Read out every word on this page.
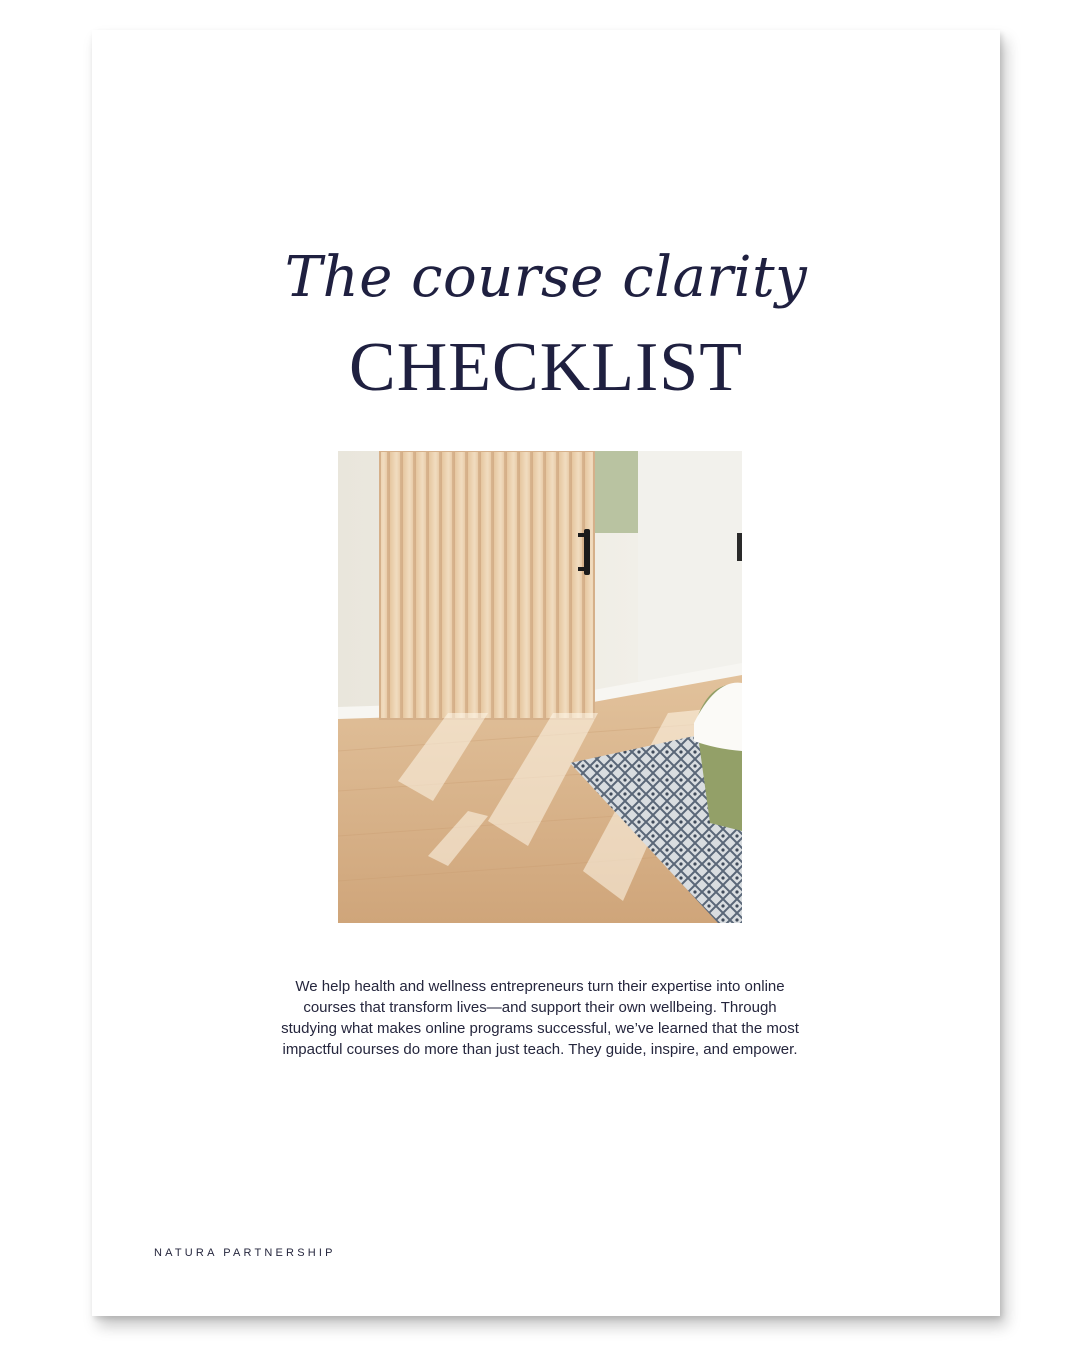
The course clarity
CHECKLIST
We help health and wellness entrepreneurs turn their expertise into online courses that transform lives—and support their own wellbeing. Through studying what makes online programs successful, we’ve learned that the most impactful courses do more than just teach. They guide, inspire, and empower.
NATURA PARTNERSHIP
